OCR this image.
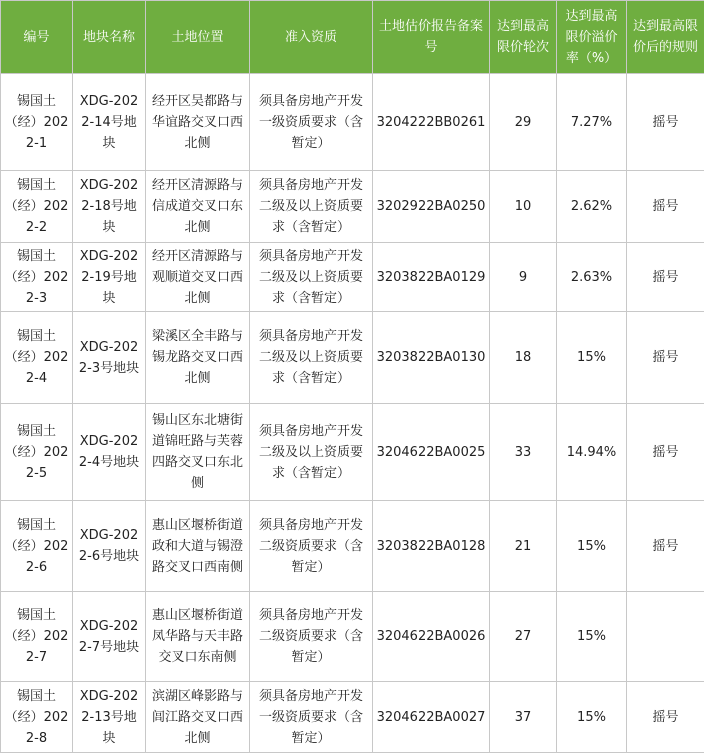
编号	地块名称	土地位置	准入资质	土地估价报告备案号	达到最高限价轮次	达到最高限价溢价率（%）	达到最高限价后的规则
锡国土（经）2022-1	XDG-2022-14号地块	经开区吴都路与华谊路交叉口西北侧	须具备房地产开发一级资质要求（含暂定）	3204222BB0261	29	7.27%	摇号
锡国土（经）2022-2	XDG-2022-18号地块	经开区清源路与信成道交叉口东北侧	须具备房地产开发二级及以上资质要求（含暂定）	3202922BA0250	10	2.62%	摇号
锡国土（经）2022-3	XDG-2022-19号地块	经开区清源路与观顺道交叉口西北侧	须具备房地产开发二级及以上资质要求（含暂定）	3203822BA0129	9	2.63%	摇号
锡国土（经）2022-4	XDG-2022-3号地块	梁溪区全丰路与锡龙路交叉口西北侧	须具备房地产开发二级及以上资质要求（含暂定）	3203822BA0130	18	15%	摇号
锡国土（经）2022-5	XDG-2022-4号地块	锡山区东北塘街道锦旺路与芙蓉四路交叉口东北侧	须具备房地产开发二级及以上资质要求（含暂定）	3204622BA0025	33	14.94%	摇号
锡国土（经）2022-6	XDG-2022-6号地块	惠山区堰桥街道政和大道与锡澄路交叉口西南侧	须具备房地产开发二级资质要求（含暂定）	3203822BA0128	21	15%	摇号
锡国土（经）2022-7	XDG-2022-7号地块	惠山区堰桥街道凤华路与天丰路交叉口东南侧	须具备房地产开发二级资质要求（含暂定）	3204622BA0026	27	15%	
锡国土（经）2022-8	XDG-2022-13号地块	滨湖区峰影路与闾江路交叉口西北侧	须具备房地产开发一级资质要求（含暂定）	3204622BA0027	37	15%	摇号
